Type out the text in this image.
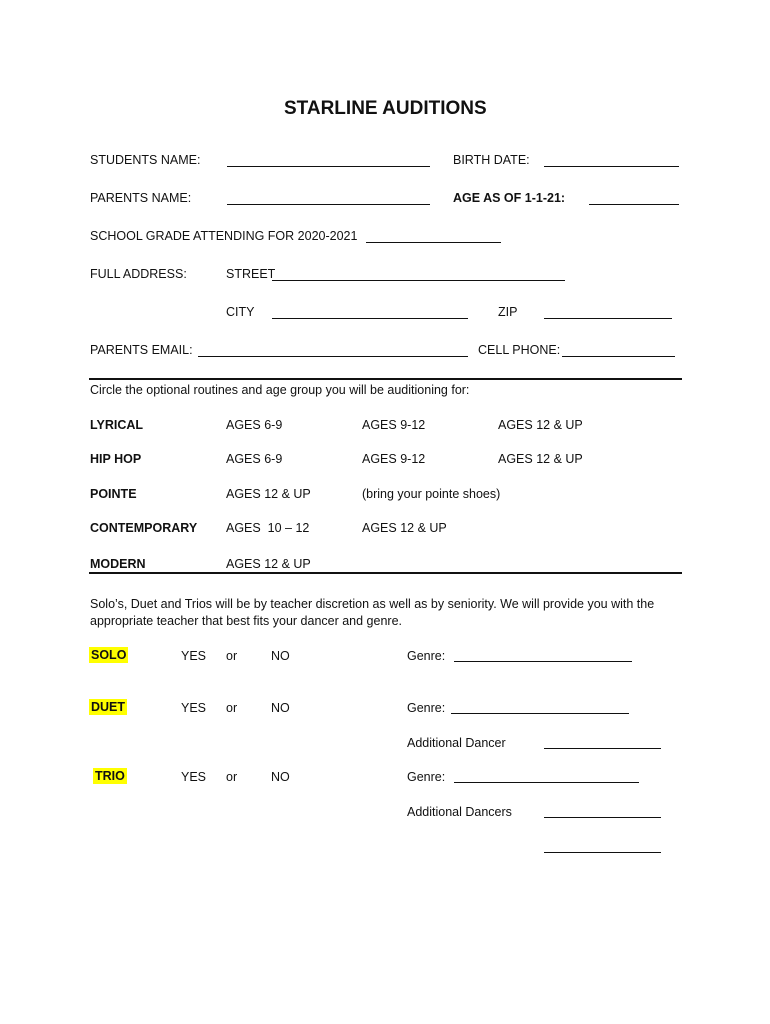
STARLINE AUDITIONS
STUDENTS NAME:	BIRTH DATE:
PARENTS NAME:	AGE AS OF 1-1-21:
SCHOOL GRADE ATTENDING FOR 2020-2021
FULL ADDRESS:	STREET
CITY	ZIP
PARENTS EMAIL:	CELL PHONE:
Circle the optional routines and age group you will be auditioning for:
LYRICAL	AGES 6-9	AGES 9-12	AGES 12 & UP
HIP HOP	AGES 6-9	AGES 9-12	AGES 12 & UP
POINTE	AGES 12 & UP	(bring your pointe shoes)
CONTEMPORARY AGES  10 – 12	AGES 12 & UP
MODERN	AGES 12 & UP
Solo’s, Duet and Trios will be by teacher discretion as well as by seniority. We will provide you with the
appropriate teacher that best fits your dancer and genre.
SOLO	YES or	NO	Genre:
DUET	YES or	NO	Genre:
Additional Dancer
TRIO	YES or	NO	Genre:
Additional Dancers
